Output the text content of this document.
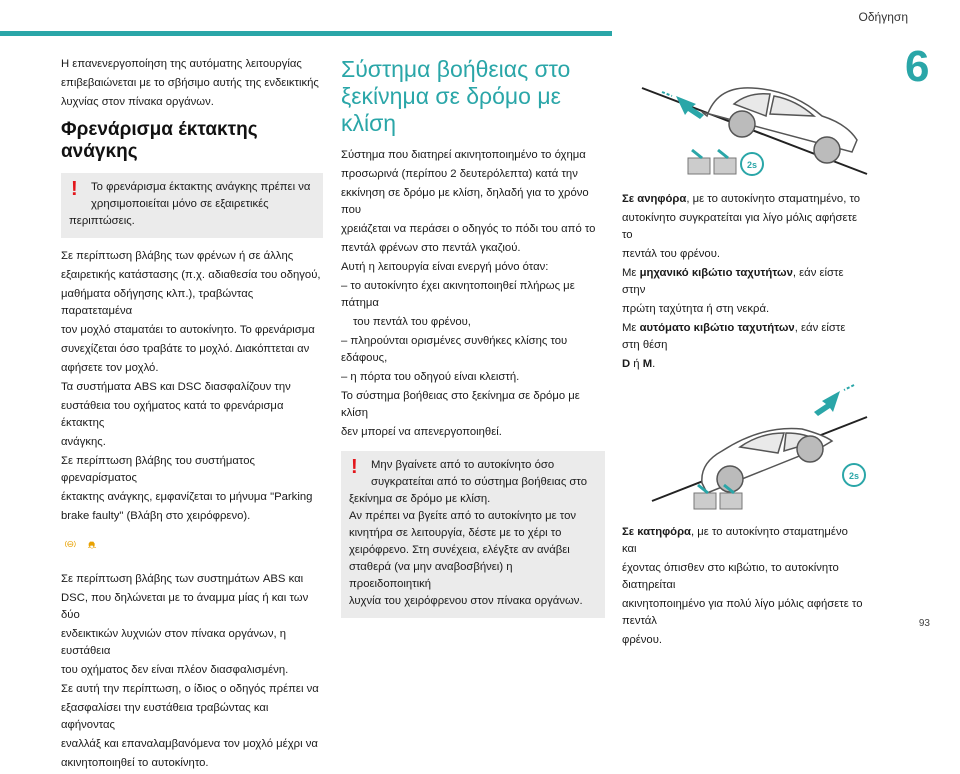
Οδήγηση
6
93

Η επανενεργοποίηση της αυτόματης λειτουργίας

επιβεβαιώνεται με το σβήσιμο αυτής της ενδεικτικής

λυχνίας στον πίνακα οργάνων.

Φρενάρισμα έκτακτης ανάγκης
!	Το φρενάρισμα έκτακτης ανάγκης πρέπει να

χρησιμοποιείται μόνο σε εξαιρετικές

περιπτώσεις.

Σε περίπτωση βλάβης των φρένων ή σε άλλης

εξαιρετικής κατάστασης (π.χ. αδιαθεσία του οδηγού,

μαθήματα οδήγησης κλπ.), τραβώντας παρατεταμένα

τον μοχλό σταματάει το αυτοκίνητο. Το φρενάρισμα

συνεχίζεται όσο τραβάτε το μοχλό. Διακόπτεται αν

αφήσετε τον μοχλό.

Τα συστήματα ABS και DSC διασφαλίζουν την

ευστάθεια του οχήματος κατά το φρενάρισμα έκτακτης

ανάγκης.

Σε περίπτωση βλάβης του συστήματος φρεναρίσματος

έκτακτης ανάγκης, εμφανίζεται το μήνυμα "Parking

brake faulty" (Βλάβη στο χειρόφρενο).

ABS

Σε περίπτωση βλάβης των συστημάτων ABS και

DSC, που δηλώνεται με το άναμμα μίας ή και των δύο

ενδεικτικών λυχνιών στον πίνακα οργάνων, η ευστάθεια

του οχήματος δεν είναι πλέον διασφαλισμένη.

Σε αυτή την περίπτωση, ο ίδιος ο οδηγός πρέπει να

εξασφαλίσει την ευστάθεια τραβώντας και αφήνοντας

εναλλάξ και επαναλαμβανόμενα τον μοχλό μέχρι να

ακινητοποιηθεί το αυτοκίνητο.

Σύστημα βοήθειας στο
ξεκίνημα σε δρόμο με κλίση

Σύστημα που διατηρεί ακινητοποιημένο το όχημα

προσωρινά (περίπου 2 δευτερόλεπτα) κατά την

εκκίνηση σε δρόμο με κλίση, δηλαδή για το χρόνο που

χρειάζεται να περάσει ο οδηγός το πόδι του από το

πεντάλ φρένων στο πεντάλ γκαζιού.

Αυτή η λειτουργία είναι ενεργή μόνο όταν:

– το αυτοκίνητο έχει ακινητοποιηθεί πλήρως με πάτημα

του πεντάλ του φρένου,

– πληρούνται ορισμένες συνθήκες κλίσης του εδάφους,

– η πόρτα του οδηγού είναι κλειστή.

Το σύστημα βοήθειας στο ξεκίνημα σε δρόμο με κλίση

δεν μπορεί να απενεργοποιηθεί.

!	Μην βγαίνετε από το αυτοκίνητο όσο

συγκρατείται από το σύστημα βοήθειας στο

ξεκίνημα σε δρόμο με κλίση.

Αν πρέπει να βγείτε από το αυτοκίνητο με τον

κινητήρα σε λειτουργία, δέστε με το χέρι το

χειρόφρενο. Στη συνέχεια, ελέγξτε αν ανάβει

σταθερά (να μην αναβοσβήνει) η προειδοποιητική

λυχνία του χειρόφρενου στον πίνακα οργάνων.

2s

Σε ανηφόρα, με το αυτοκίνητο σταματημένο, το

αυτοκίνητο συγκρατείται για λίγο μόλις αφήσετε το

πεντάλ του φρένου.

Με μηχανικό κιβώτιο ταχυτήτων, εάν είστε στην

πρώτη ταχύτητα ή στη νεκρά.

Με αυτόματο κιβώτιο ταχυτήτων, εάν είστε στη θέση

D ή M.

2s

Σε κατηφόρα, με το αυτοκίνητο σταματημένο και

έχοντας όπισθεν στο κιβώτιο, το αυτοκίνητο διατηρείται

ακινητοποιημένο για πολύ λίγο μόλις αφήσετε το πεντάλ

φρένου.
